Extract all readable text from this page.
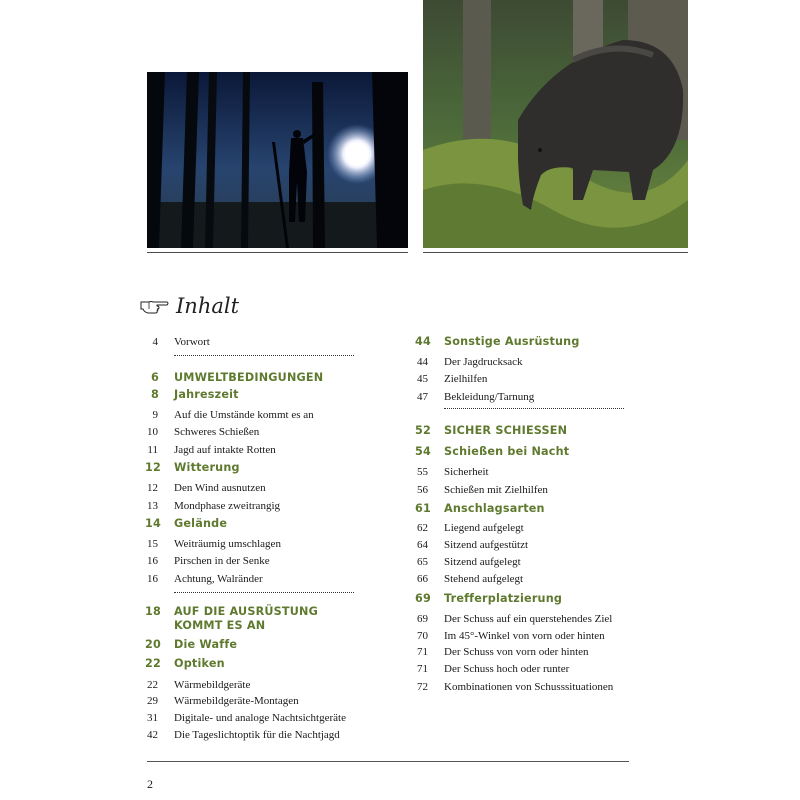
Inhalt
4 Vorwort
6 UMWELTBEDINGUNGEN
8 Jahreszeit
9 Auf die Umstände kommt es an
10 Schweres Schießen
11 Jagd auf intakte Rotten
12 Witterung
12 Den Wind ausnutzen
13 Mondphase zweitrangig
14 Gelände
15 Weiträumig umschlagen
16 Pirschen in der Senke
16 Achtung, Walränder
18 AUF DIE AUSRÜSTUNG
KOMMT ES AN
20 Die Waffe
22 Optiken
22 Wärmebildgeräte
29 Wärmebildgeräte-Montagen
31 Digitale- und analoge Nachtsichtgeräte
42 Die Tageslichtoptik für die Nachtjagd
44 Sonstige Ausrüstung
44 Der Jagdrucksack
45 Zielhilfen
47 Bekleidung/Tarnung
52 SICHER SCHIESSEN
54 Schießen bei Nacht
55 Sicherheit
56 Schießen mit Zielhilfen
61 Anschlagsarten
62 Liegend aufgelegt
64 Sitzend aufgestützt
65 Sitzend aufgelegt
66 Stehend aufgelegt
69 Trefferplatzierung
69 Der Schuss auf ein querstehendes Ziel
70 Im 45°-Winkel von vorn oder hinten
71 Der Schuss von vorn oder hinten
71 Der Schuss hoch oder runter
72 Kombinationen von Schusssituationen
2
